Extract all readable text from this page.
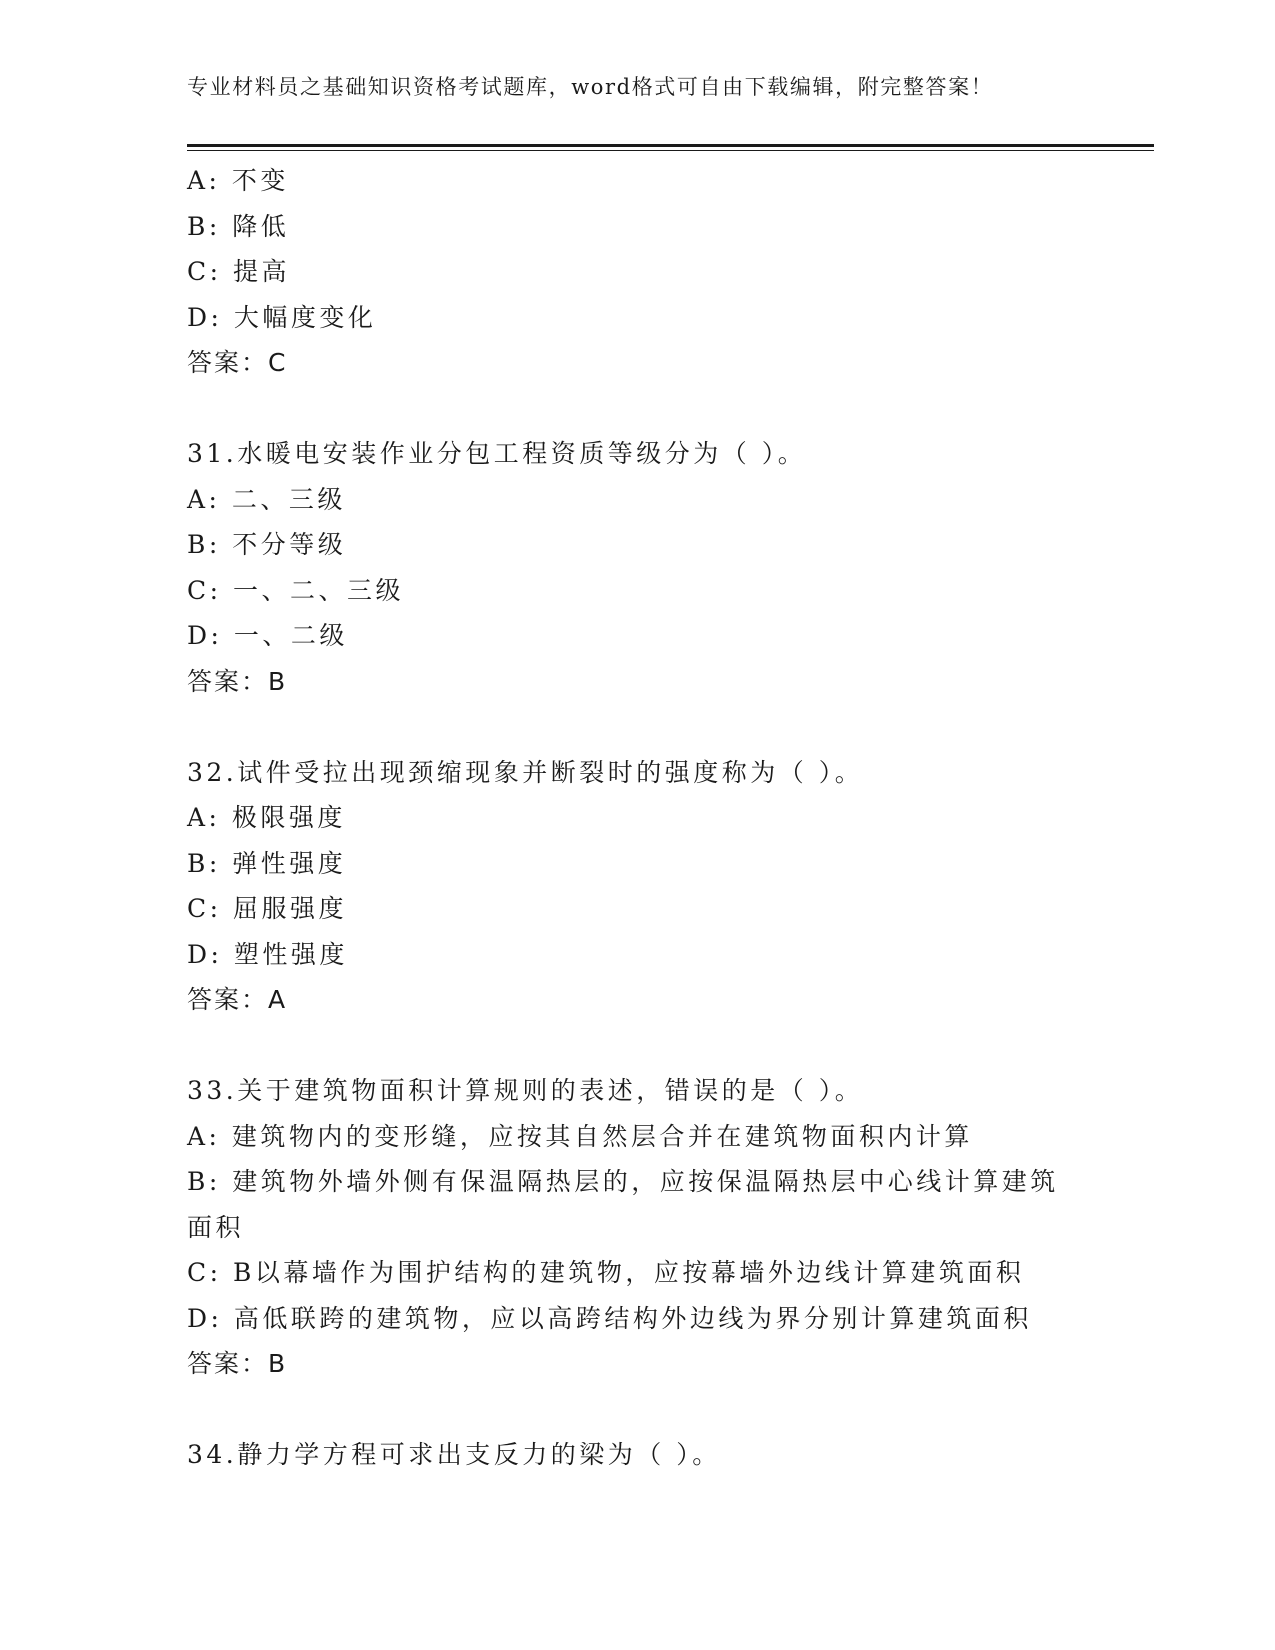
专业材料员之基础知识资格考试题库，word格式可自由下载编辑，附完整答案！
A: 不变
B: 降低
C: 提高
D: 大幅度变化
答案：C
31.水暖电安装作业分包工程资质等级分为（ ）。
A: 二、三级
B: 不分等级
C: 一、二、三级
D: 一、二级
答案：B
32.试件受拉出现颈缩现象并断裂时的强度称为（ ）。
A: 极限强度
B: 弹性强度
C: 屈服强度
D: 塑性强度
答案：A
33.关于建筑物面积计算规则的表述，错误的是（ ）。
A: 建筑物内的变形缝，应按其自然层合并在建筑物面积内计算
B: 建筑物外墙外侧有保温隔热层的，应按保温隔热层中心线计算建筑面积
C: B以幕墙作为围护结构的建筑物，应按幕墙外边线计算建筑面积
D: 高低联跨的建筑物，应以高跨结构外边线为界分别计算建筑面积
答案：B
34.静力学方程可求出支反力的梁为（ ）。
